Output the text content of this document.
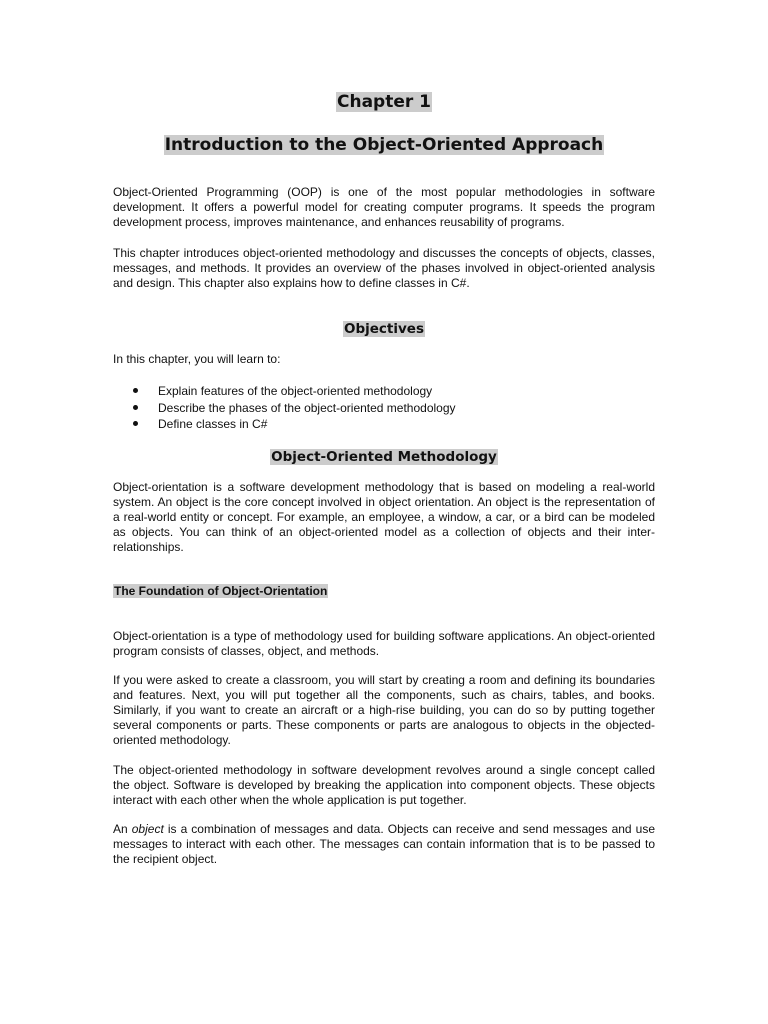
Chapter 1
Introduction to the Object-Oriented Approach

Object-Oriented Programming (OOP) is one of the most popular methodologies in software development. It offers a powerful model for creating computer programs. It speeds the program development process, improves maintenance, and enhances reusability of programs.

This chapter introduces object-oriented methodology and discusses the concepts of objects, classes, messages, and methods. It provides an overview of the phases involved in object-oriented analysis and design. This chapter also explains how to define classes in C#.

Objectives

In this chapter, you will learn to:

Explain features of the object-oriented methodology
Describe the phases of the object-oriented methodology
Define classes in C#
Object-Oriented Methodology

Object-orientation is a software development methodology that is based on modeling a real-world system. An object is the core concept involved in object orientation. An object is the representation of a real-world entity or concept. For example, an employee, a window, a car, or a bird can be modeled as objects. You can think of an object-oriented model as a collection of objects and their inter-relationships.

The Foundation of Object-Orientation

Object-orientation is a type of methodology used for building software applications. An object-oriented program consists of classes, object, and methods.

If you were asked to create a classroom, you will start by creating a room and defining its boundaries and features. Next, you will put together all the components, such as chairs, tables, and books. Similarly, if you want to create an aircraft or a high-rise building, you can do so by putting together several components or parts. These components or parts are analogous to objects in the objected-oriented methodology.

The object-oriented methodology in software development revolves around a single concept called the object. Software is developed by breaking the application into component objects. These objects interact with each other when the whole application is put together.

An object is a combination of messages and data. Objects can receive and send messages and use messages to interact with each other. The messages can contain information that is to be passed to the recipient object.
